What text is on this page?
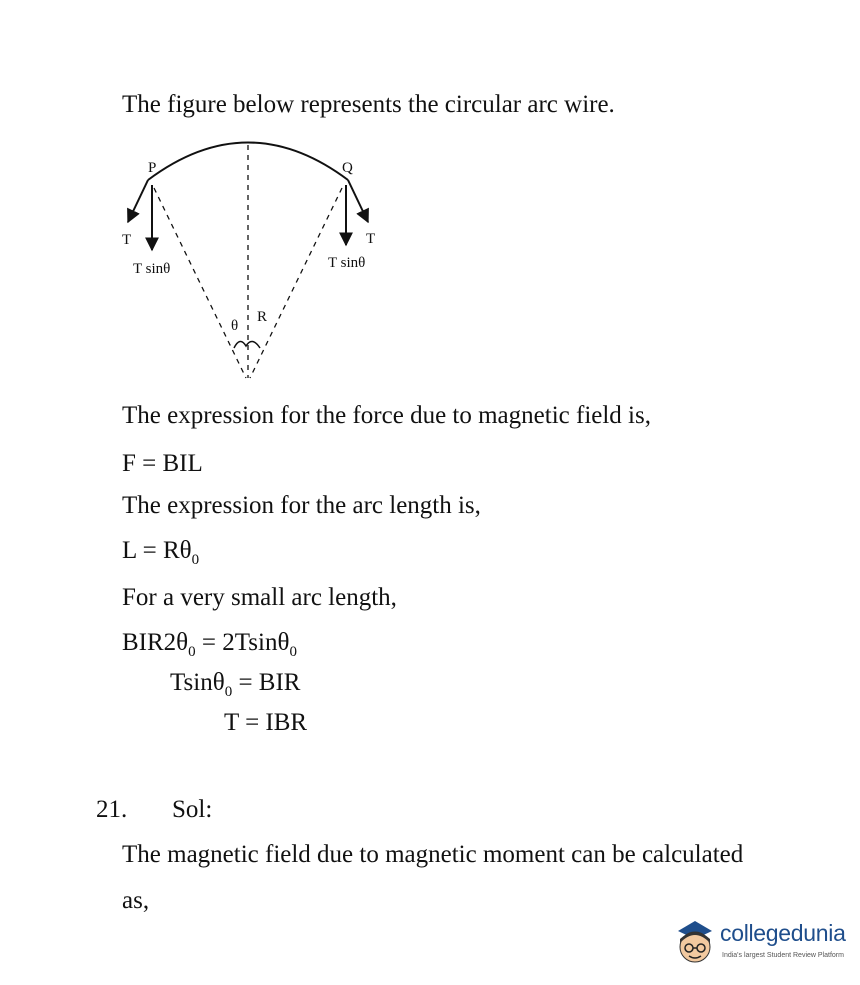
The figure below represents the circular arc wire.
P	Q
T	T
T sinθ	T sinθ
θ
R
The expression for the force due to magnetic field is,
F = BIL
The expression for the arc length is,
$L = R\theta_0$
For a very small arc length,
$BIR2\theta_0 = 2Tsin\theta_0$
Tsinθ$_0$ = BIR
T = IBR
21. Sol:
The magnetic field due to magnetic moment can be calculated
as,
collegedunia
India's largest Student Review Platform
